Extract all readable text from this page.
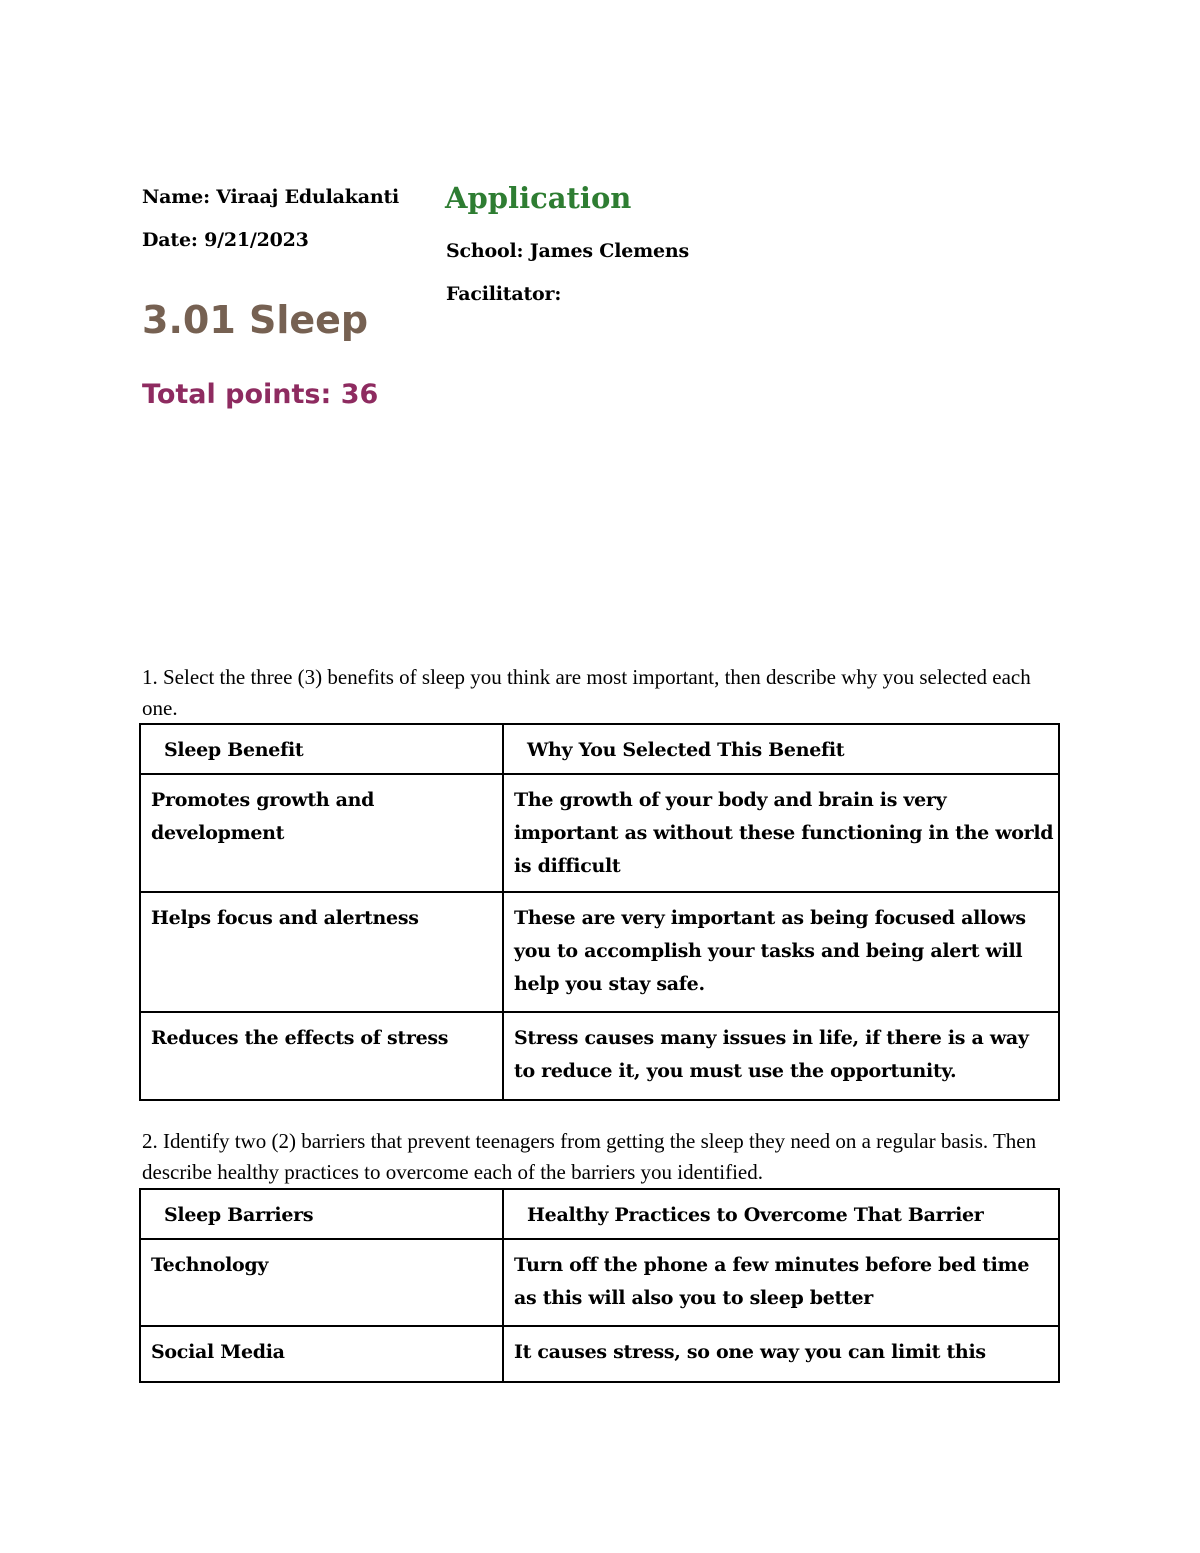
Name: Viraaj Edulakanti
Date: 9/21/2023
Application
School: James Clemens
Facilitator:
3.01 Sleep
Total points: 36
1. Select the three (3) benefits of sleep you think are most important, then describe why you selected each one.
Sleep Benefit	Why You Selected This Benefit
Promotes growth and development	The growth of your body and brain is very important as without these functioning in the world is difficult
Helps focus and alertness	These are very important as being focused allows you to accomplish your tasks and being alert will help you stay safe.
Reduces the effects of stress	Stress causes many issues in life, if there is a way to reduce it, you must use the opportunity.
2. Identify two (2) barriers that prevent teenagers from getting the sleep they need on a regular basis. Then describe healthy practices to overcome each of the barriers you identified.
Sleep Barriers	Healthy Practices to Overcome That Barrier
Technology	Turn off the phone a few minutes before bed time as this will also you to sleep better
Social Media	It causes stress, so one way you can limit this
